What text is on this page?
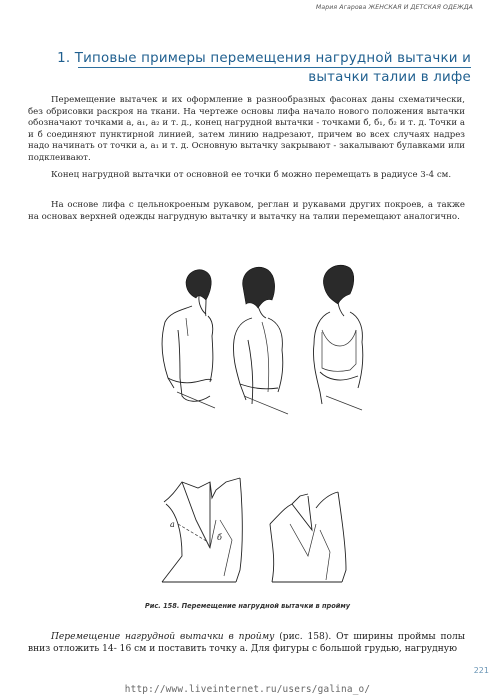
Мария Агарова ЖЕНСКАЯ И ДЕТСКАЯ ОДЕЖДА
1. Типовые примеры перемещения нагрудной вытачки и
вытачки талии в лифе

Перемещение вытачек и их оформление в разнообразных фасонах даны схематически, без обрисовки раскроя на ткани. На чертеже основы лифа начало нового положения вытачки обозначают точками а, а₁, а₂ и т. д., конец нагрудной вытачки - точками б, б₁, б₂ и т. д. Точки а и б соединяют пунктирной линией, затем линию надрезают, причем во всех случаях надрез надо начинать от точки а, а₁ и т. д. Основную вытачку закрывают - закалывают булавками или подклеивают.

Конец нагрудной вытачки от основной ее точки б можно перемещать в радиусе 3-4 см.

На основе лифа с цельнокроеным рукавом, реглан и рукавами других покроев, а также на основах верхней одежды нагрудную вытачку и вытачку на талии перемещают аналогично.

а
б
Рис. 158. Перемещение нагрудной вытачки в пройму

Перемещение нагрудной вытачки в пройму (рис. 158). От ширины проймы полы вниз отложить 14- 16 см и поставить точку а. Для фигуры с большой грудью, нагрудную

221
http://www.liveinternet.ru/users/galina_o/
